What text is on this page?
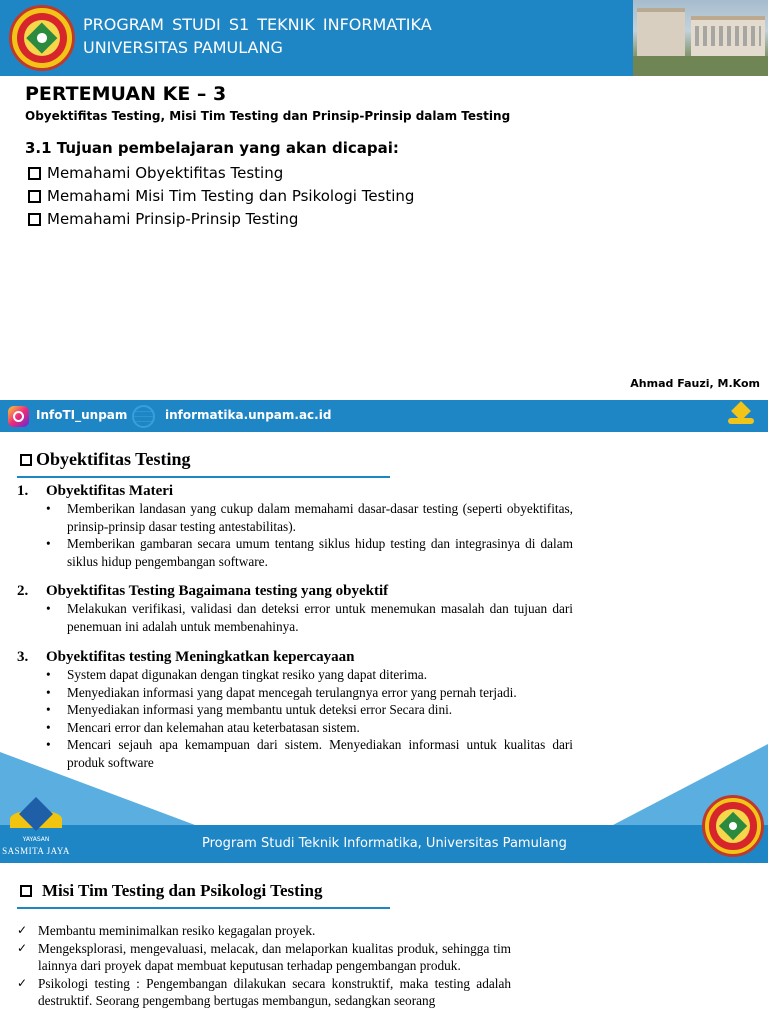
PROGRAM STUDI S1 TEKNIK INFORMATIKA
UNIVERSITAS PAMULANG
PERTEMUAN KE – 3
Obyektifitas Testing, Misi Tim Testing dan Prinsip-Prinsip dalam Testing
3.1 Tujuan pembelajaran yang akan dicapai:
Memahami Obyektifitas Testing
Memahami Misi Tim Testing dan Psikologi Testing
Memahami Prinsip-Prinsip Testing
Ahmad Fauzi, M.Kom
InfoTI_unpam	informatika.unpam.ac.id
Obyektifitas Testing
1.	Obyektifitas Materi
• Memberikan landasan yang cukup dalam memahami dasar-dasar testing (seperti obyektifitas, prinsip-prinsip dasar testing antestabilitas).
• Memberikan gambaran secara umum tentang siklus hidup testing dan integrasinya di dalam siklus hidup pengembangan software.
2.	Obyektifitas Testing Bagaimana testing yang obyektif
• Melakukan verifikasi, validasi dan deteksi error untuk menemukan masalah dan tujuan dari penemuan ini adalah untuk membenahinya.
3.	Obyektifitas testing Meningkatkan kepercayaan
• System dapat digunakan dengan tingkat resiko yang dapat diterima.
• Menyediakan informasi yang dapat mencegah terulangnya error yang pernah terjadi.
• Menyediakan informasi yang membantu untuk deteksi error Secara dini.
• Mencari error dan kelemahan atau keterbatasan sistem.
• Mencari sejauh apa kemampuan dari sistem. Menyediakan informasi untuk kualitas dari produk software
Program Studi Teknik Informatika, Universitas Pamulang
YAYASAN
SASMITA JAYA
Misi Tim Testing dan Psikologi Testing
✓ Membantu meminimalkan resiko kegagalan proyek.
✓ Mengeksplorasi, mengevaluasi, melacak, dan melaporkan kualitas produk, sehingga tim lainnya dari proyek dapat membuat keputusan terhadap pengembangan produk.
✓ Psikologi testing : Pengembangan dilakukan secara konstruktif, maka testing adalah destruktif. Seorang pengembang bertugas membangun, sedangkan seorang
